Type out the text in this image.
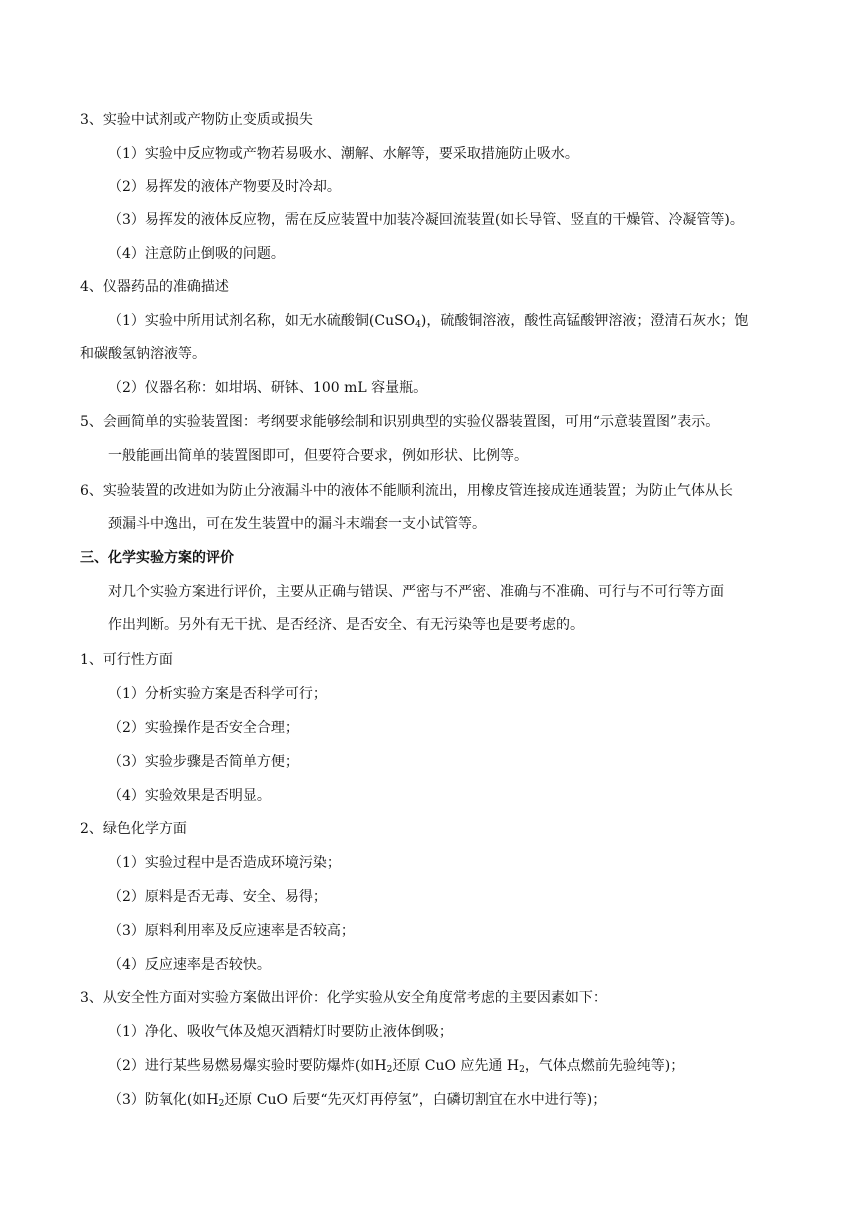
3、实验中试剂或产物防止变质或损失
（1）实验中反应物或产物若易吸水、潮解、水解等，要采取措施防止吸水。
（2）易挥发的液体产物要及时冷却。
（3）易挥发的液体反应物，需在反应装置中加装冷凝回流装置(如长导管、竖直的干燥管、冷凝管等)。
（4）注意防止倒吸的问题。
4、仪器药品的准确描述
（1）实验中所用试剂名称，如无水硫酸铜(CuSO$_4$)，硫酸铜溶液，酸性高锰酸钾溶液；澄清石灰水；饱
和碳酸氢钠溶液等。
（2）仪器名称：如坩埚、研钵、100 mL 容量瓶。
5、会画简单的实验装置图：考纲要求能够绘制和识别典型的实验仪器装置图，可用“示意装置图”表示。
一般能画出简单的装置图即可，但要符合要求，例如形状、比例等。
6、实验装置的改进如为防止分液漏斗中的液体不能顺利流出，用橡皮管连接成连通装置；为防止气体从长
颈漏斗中逸出，可在发生装置中的漏斗末端套一支小试管等。
三、化学实验方案的评价
对几个实验方案进行评价，主要从正确与错误、严密与不严密、准确与不准确、可行与不可行等方面
作出判断。另外有无干扰、是否经济、是否安全、有无污染等也是要考虑的。
1、可行性方面
（1）分析实验方案是否科学可行；
（2）实验操作是否安全合理；
（3）实验步骤是否简单方便；
（4）实验效果是否明显。
2、绿色化学方面
（1）实验过程中是否造成环境污染；
（2）原料是否无毒、安全、易得；
（3）原料利用率及反应速率是否较高；
（4）反应速率是否较快。
3、从安全性方面对实验方案做出评价：化学实验从安全角度常考虑的主要因素如下：
（1）净化、吸收气体及熄灭酒精灯时要防止液体倒吸；
（2）进行某些易燃易爆实验时要防爆炸(如$H_2$还原 CuO 应先通 $H_2$，气体点燃前先验纯等)；
（3）防氧化(如$H_2$还原 CuO 后要“先灭灯再停氢”，白磷切割宜在水中进行等)；
